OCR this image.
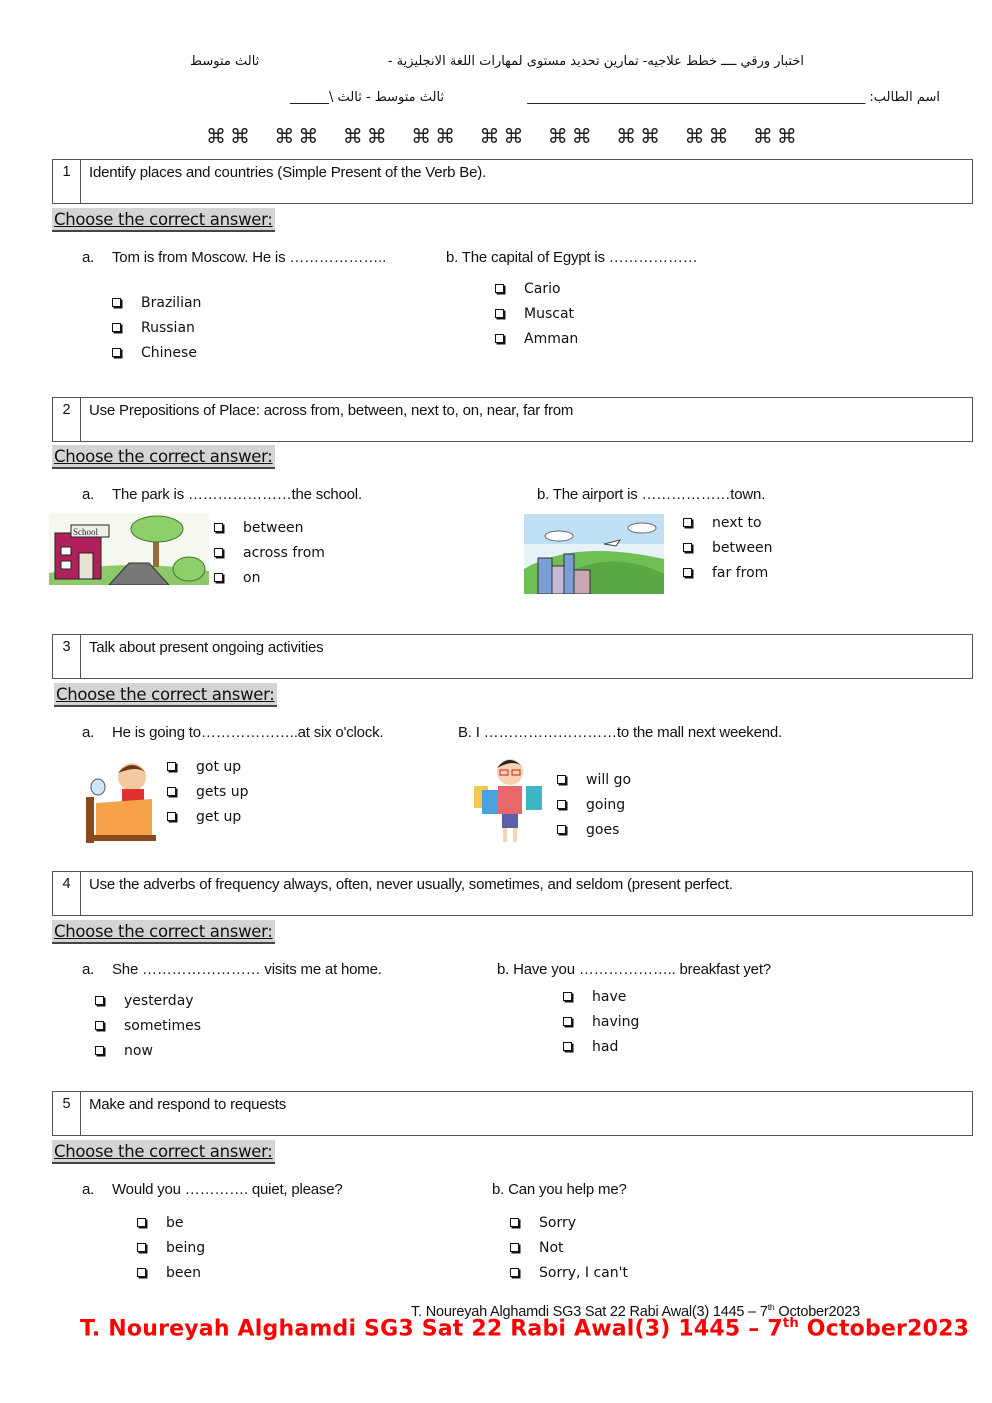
اختبار ورقي ــــ خطط علاجيه- تمارين تحديد مستوى لمهارات اللغة الانجليزية -
ثالث متوسط
اسم الطالب: ____________________________________________________
ثالث متوسط - ثالث \______
⌘⌘ ⌘⌘ ⌘⌘ ⌘⌘ ⌘⌘ ⌘⌘ ⌘⌘ ⌘⌘ ⌘⌘
1	Identify places and countries (Simple Present of the Verb Be).
Choose the correct answer:
a. Tom is from Moscow. He is ………………..	b. The capital of Egypt is ………………
Brazilian
Russian
Chinese
Cario
Muscat
Amman
2	Use Prepositions of Place: across from, between, next to, on, near, far from
Choose the correct answer:
a. The park is …………………the school.	b. The airport is ………………town.
School	between
across from
on
next to
between
far from
3	Talk about present ongoing activities
Choose the correct answer:
a. He is going to………………..at six o'clock.	B. I ………………………to the mall next weekend.
got up
gets up
get up
will go
going
goes
4	Use the adverbs of frequency always, often, never usually, sometimes, and seldom (present perfect.
Choose the correct answer:
a. She …………………… visits me at home.	b. Have you ……………….. breakfast yet?
yesterday
sometimes
now
have
having
had
5	Make and respond to requests
Choose the correct answer:
a. Would you …………. quiet, please?	b. Can you help me?
be
being
been
Sorry
Not
Sorry, I can't
T. Noureyah Alghamdi SG3 Sat 22 Rabi Awal(3) 1445 – 7th October2023
T. Noureyah Alghamdi SG3 Sat 22 Rabi Awal(3) 1445 – 7th October2023
